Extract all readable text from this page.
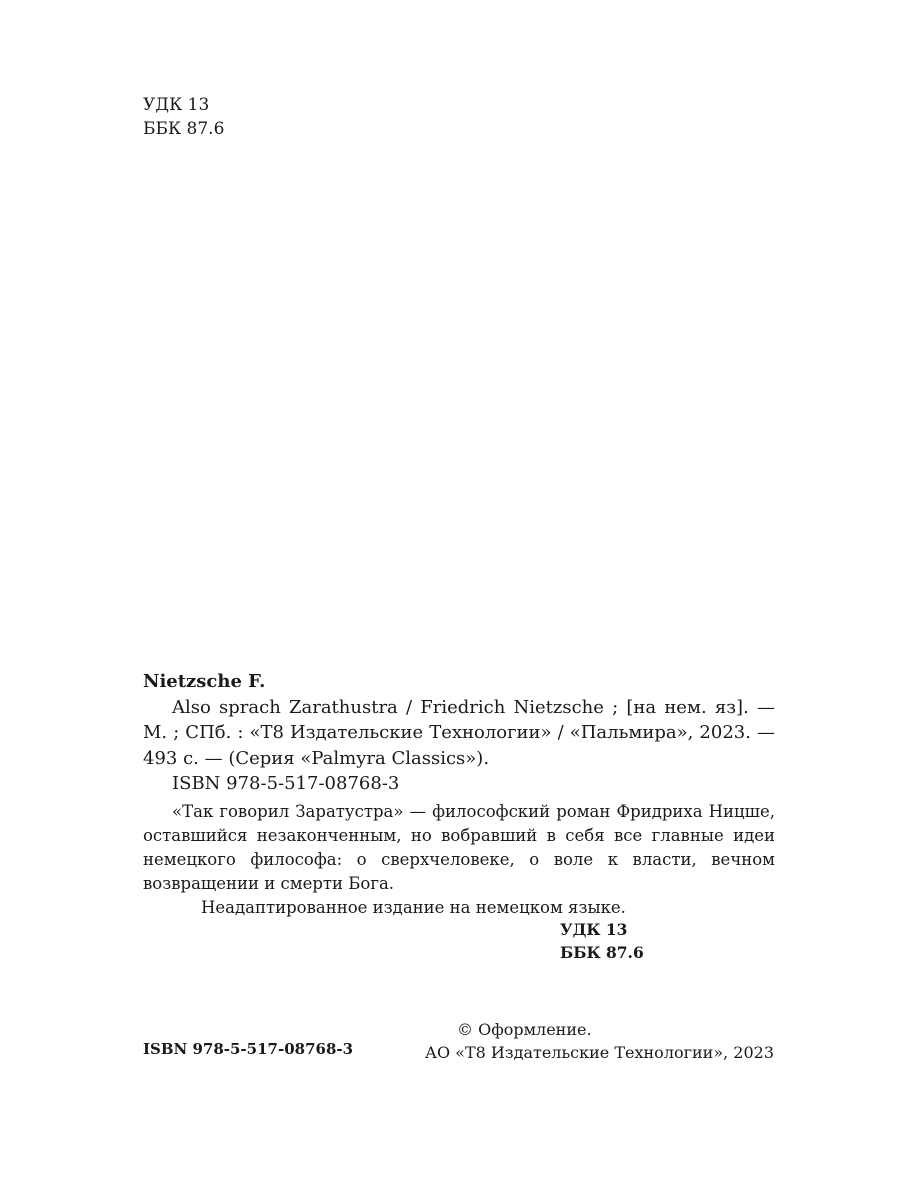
УДК 13
ББК 87.6

Nietzsche F.

Also sprach Zarathustra / Friedrich Nietzsche ; [на нем. яз]. — М. ; СПб. : «Т8 Издательские Технологии» / «Пальмира», 2023. — 493 с. — (Серия «Palmyra Classics»).

ISBN 978-5-517-08768-3

«Так говорил Заратустра» — философский роман Фридриха Ницше, оставшийся незаконченным, но вобравший в себя все главные идеи немецкого философа: о сверхчеловеке, о воле к власти, вечном возвращении и смерти Бога.

Неадаптированное издание на немецком языке.

УДК 13
ББК 87.6
ISBN 978-5-517-08768-3
© Оформление.
АО «Т8 Издательские Технологии», 2023
